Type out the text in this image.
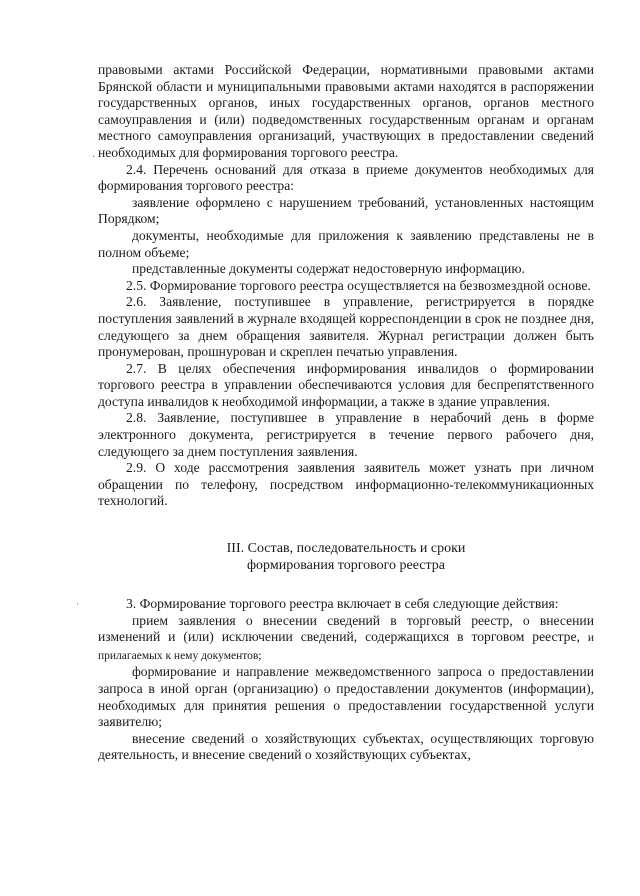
правовыми актами Российской Федерации, нормативными правовыми актами Брянской области и муниципальными правовыми актами находятся в распоряжении государственных органов, иных государственных органов, органов местного самоуправления и (или) подведомственных государственным органам и органам местного самоуправления организаций, участвующих в предоставлении сведений необходимых для формирования торгового реестра.

2.4. Перечень оснований для отказа в приеме документов необходимых для формирования торгового реестра:

заявление оформлено с нарушением требований, установленных настоящим Порядком;

документы, необходимые для приложения к заявлению представлены не в полном объеме;

представленные документы содержат недостоверную информацию.

2.5. Формирование торгового реестра осуществляется на безвозмездной основе.

2.6. Заявление, поступившее в управление, регистрируется в порядке поступления заявлений в журнале входящей корреспонденции в срок не позднее дня, следующего за днем обращения заявителя. Журнал регистрации должен быть пронумерован, прошнурован и скреплен печатью управления.

2.7. В целях обеспечения информирования инвалидов о формировании торгового реестра в управлении обеспечиваются условия для беспрепятственного доступа инвалидов к необходимой информации, а также в здание управления.

2.8. Заявление, поступившее в управление в нерабочий день в форме электронного документа, регистрируется в течение первого рабочего дня, следующего за днем поступления заявления.

2.9. О ходе рассмотрения заявления заявитель может узнать при личном обращении по телефону, посредством информационно-телекоммуникационных технологий.

III. Состав, последовательность и сроки
формирования торгового реестра

3. Формирование торгового реестра включает в себя следующие действия:

прием заявления о внесении сведений в торговый реестр, о внесении изменений и (или) исключении сведений, содержащихся в торговом реестре, и прилагаемых к нему документов;

формирование и направление межведомственного запроса о предоставлении запроса в иной орган (организацию) о предоставлении документов (информации), необходимых для принятия решения о предоставлении государственной услуги заявителю;

внесение сведений о хозяйствующих субъектах, осуществляющих торговую деятельность, и внесение сведений о хозяйствующих субъектах,

·
ˈ
